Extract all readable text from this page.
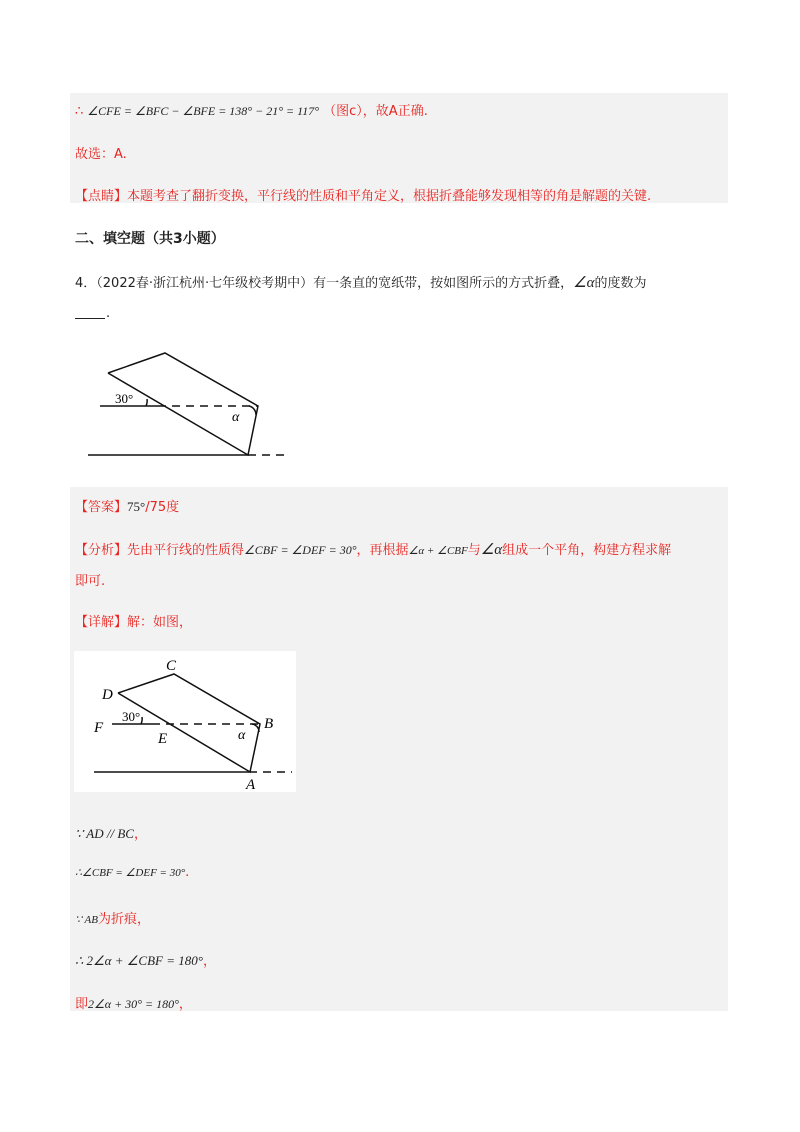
∴ ∠CFE = ∠BFC − ∠BFE = 138° − 21° = 117° （图c），故A正确.
故选：A.
【点睛】本题考查了翻折变换，平行线的性质和平角定义，根据折叠能够发现相等的角是解题的关键.
二、填空题（共3小题）
4．（2022春·浙江杭州·七年级校考期中）有一条直的宽纸带，按如图所示的方式折叠，∠α的度数为
.
30°
α
【答案】75°/75度
【分析】先由平行线的性质得∠CBF = ∠DEF = 30°，再根据∠α + ∠CBF与∠α组成一个平角，构建方程求解
即可.
【详解】解：如图，
C
D
F
E
B
A
30°
α
∵ AD // BC，
∴∠CBF = ∠DEF = 30°.
∵ AB为折痕，
∴ 2∠α + ∠CBF = 180°，
即2∠α + 30° = 180°，
